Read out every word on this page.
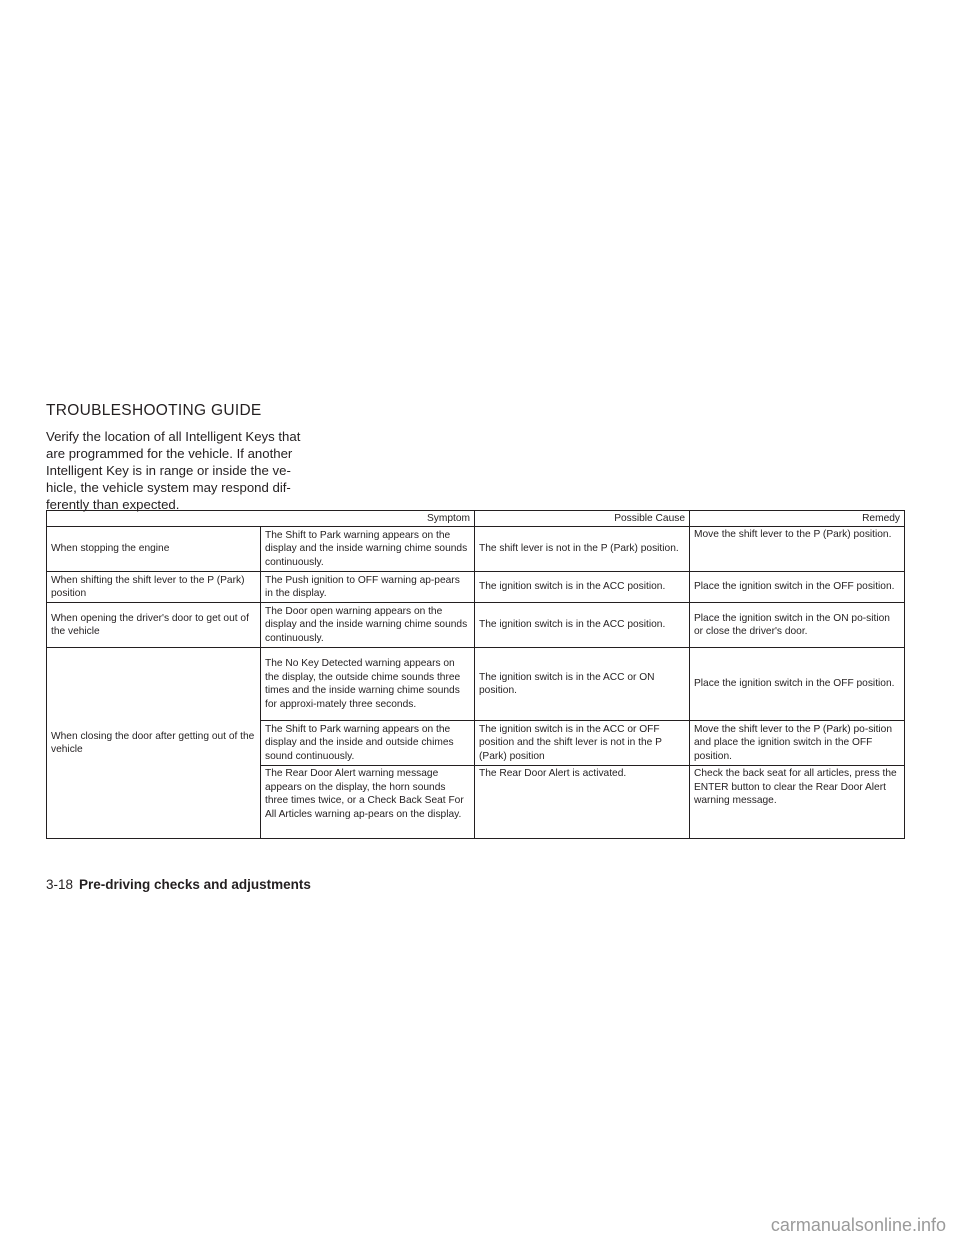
TROUBLESHOOTING GUIDE

Verify the location of all Intelligent Keys that
are programmed for the vehicle. If another
Intelligent Key is in range or inside the ve-
hicle, the vehicle system may respond dif-
ferently than expected.

Symptom		Possible Cause	Remedy
When stopping the engine	The Shift to Park warning appears on the display and the inside warning chime sounds continuously.	The shift lever is not in the P (Park) position.	Move the shift lever to the P (Park) position.
When shifting the shift lever to the P (Park) position	The Push ignition to OFF warning ap-pears in the display.	The ignition switch is in the ACC position.	Place the ignition switch in the OFF position.
When opening the driver's door to get out of the vehicle	The Door open warning appears on the display and the inside warning chime sounds continuously.	The ignition switch is in the ACC position.	Place the ignition switch in the ON po-sition or close the driver's door.
When closing the door after getting out of the vehicle	The No Key Detected warning appears on the display, the outside chime sounds three times and the inside warning chime sounds for approxi-mately three seconds.	The ignition switch is in the ACC or ON position.	Place the ignition switch in the OFF position.
	The Shift to Park warning appears on the display and the inside and outside chimes sound continuously.	The ignition switch is in the ACC or OFF position and the shift lever is not in the P (Park) position	Move the shift lever to the P (Park) po-sition and place the ignition switch in the OFF position.
	The Rear Door Alert warning message appears on the display, the horn sounds three times twice, or a Check Back Seat For All Articles warning ap-pears on the display.	The Rear Door Alert is activated.	Check the back seat for all articles, press the ENTER button to clear the Rear Door Alert warning message.
3-18 Pre-driving checks and adjustments
carmanualsonline.info
